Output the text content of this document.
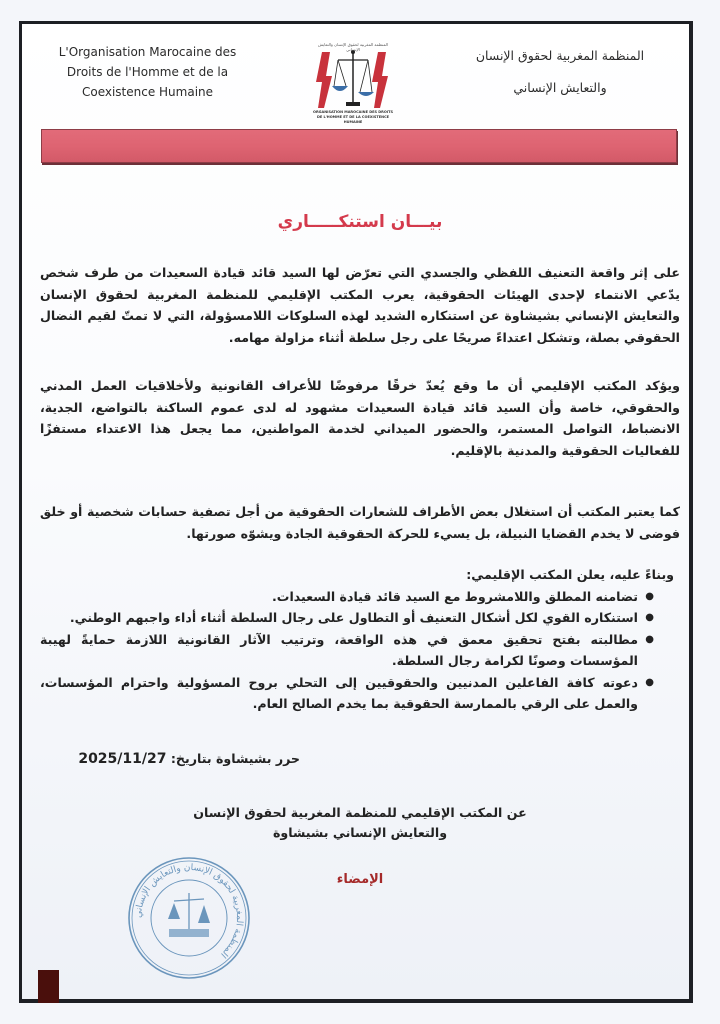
L'Organisation Marocaine des
Droits de l'Homme et de la
Coexistence Humaine
المنظمة المغربية لحقوق الإنسان والتعايش الإنساني
ORGANISATION MAROCAINE DES DROITS
DE L'HOMME ET DE LA COEXISTENCE HUMAINE
المنظمة المغربية لحقوق الإنسان
والتعايش الإنساني
بيـــان استنكـــــاري
على إثر واقعة التعنيف اللفظي والجسدي التي تعرّض لها السيد قائد قيادة السعيدات من طرف شخص يدّعي الانتماء لإحدى الهيئات الحقوقية، يعرب المكتب الإقليمي للمنظمة المغربية لحقوق الإنسان والتعايش الإنساني بشيشاوة عن استنكاره الشديد لهذه السلوكات اللامسؤولة، التي لا تمتّ لقيم النضال الحقوقي بصلة، وتشكل اعتداءً صريحًا على رجل سلطة أثناء مزاولة مهامه.
ويؤكد المكتب الإقليمي أن ما وقع يُعدّ خرقًا مرفوضًا للأعراف القانونية ولأخلاقيات العمل المدني والحقوقي، خاصة وأن السيد قائد قيادة السعيدات مشهود له لدى عموم الساكنة بالتواضع، الجدية، الانضباط، التواصل المستمر، والحضور الميداني لخدمة المواطنين، مما يجعل هذا الاعتداء مستفزًا للفعاليات الحقوقية والمدنية بالإقليم.
كما يعتبر المكتب أن استغلال بعض الأطراف للشعارات الحقوقية من أجل تصفية حسابات شخصية أو خلق فوضى لا يخدم القضايا النبيلة، بل يسيء للحركة الحقوقية الجادة ويشوّه صورتها.
وبناءً عليه، يعلن المكتب الإقليمي:
●
تضامنه المطلق واللامشروط مع السيد قائد قيادة السعيدات.
●
استنكاره القوي لكل أشكال التعنيف أو التطاول على رجال السلطة أثناء أداء واجبهم الوطني.
●
مطالبته بفتح تحقيق معمق في هذه الواقعة، وترتيب الآثار القانونية اللازمة حمايةً لهيبة المؤسسات وصونًا لكرامة رجال السلطة.
●
دعوته كافة الفاعلين المدنيين والحقوقيين إلى التحلي بروح المسؤولية واحترام المؤسسات، والعمل على الرقي بالممارسة الحقوقية بما يخدم الصالح العام.
حرر بشيشاوة بتاريخ: 2025/11/27
عن المكتب الإقليمي للمنظمة المغربية لحقوق الإنسان
والتعايش الإنساني بشيشاوة
الإمضاء
المنظمة المغربية لحقوق الإنسان والتعايش الإنساني
